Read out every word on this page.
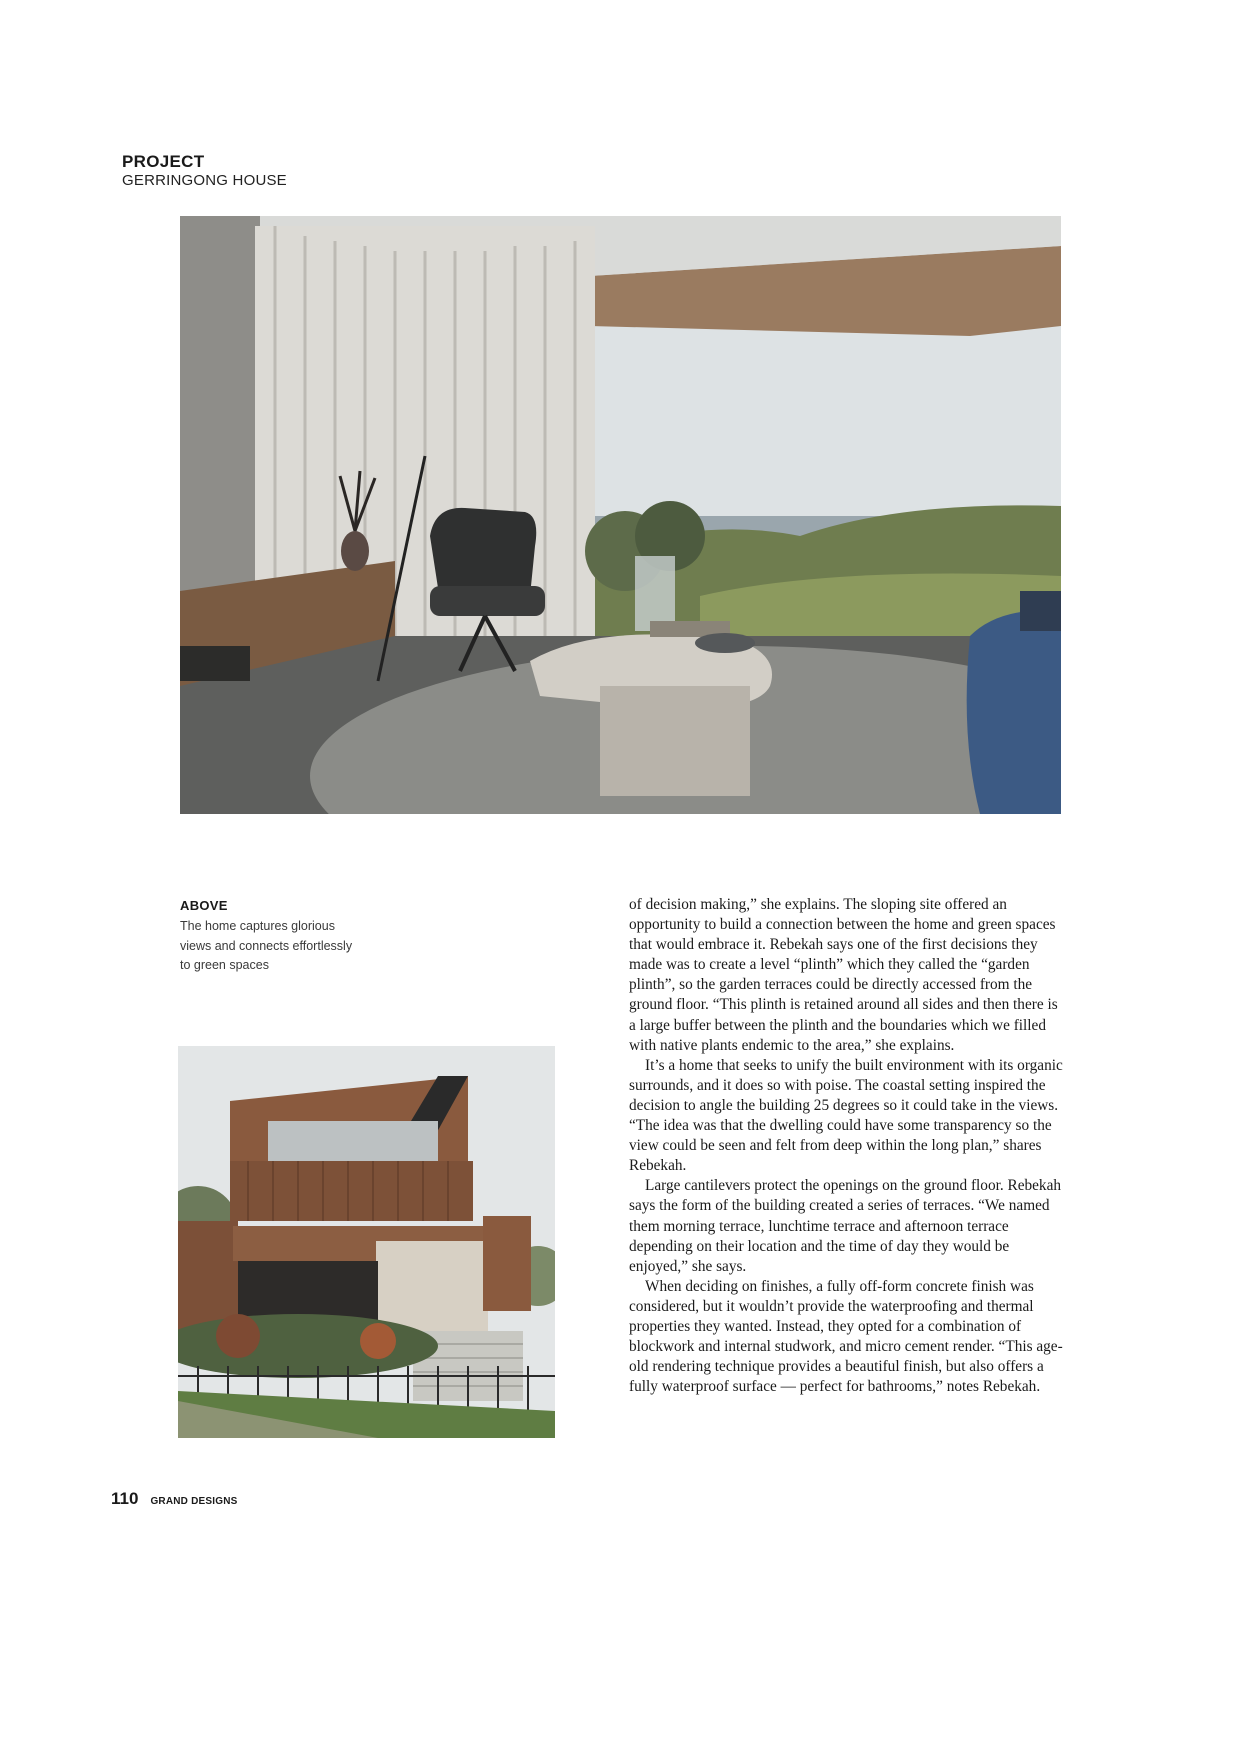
PROJECT
GERRINGONG HOUSE
ABOVE
The home captures glorious
views and connects effortlessly
to green spaces

of decision making,” she explains. The sloping site offered an opportunity to build a connection between the home and green spaces that would embrace it. Rebekah says one of the first decisions they made was to create a level “plinth” which they called the “garden plinth”, so the garden terraces could be directly accessed from the ground floor. “This plinth is retained around all sides and then there is a large buffer between the plinth and the boundaries which we filled with native plants endemic to the area,” she explains.

It’s a home that seeks to unify the built environment with its organic surrounds, and it does so with poise. The coastal setting inspired the decision to angle the building 25 degrees so it could take in the views. “The idea was that the dwelling could have some transparency so the view could be seen and felt from deep within the long plan,” shares Rebekah.

Large cantilevers protect the openings on the ground floor. Rebekah says the form of the building created a series of terraces. “We named them morning terrace, lunchtime terrace and afternoon terrace depending on their location and the time of day they would be enjoyed,” she says.

When deciding on finishes, a fully off-form concrete finish was considered, but it wouldn’t provide the waterproofing and thermal properties they wanted. Instead, they opted for a combination of blockwork and internal studwork, and micro cement render. “This age-old rendering technique provides a beautiful finish, but also offers a fully waterproof surface — perfect for bathrooms,” notes Rebekah.

110 GRAND DESIGNS
